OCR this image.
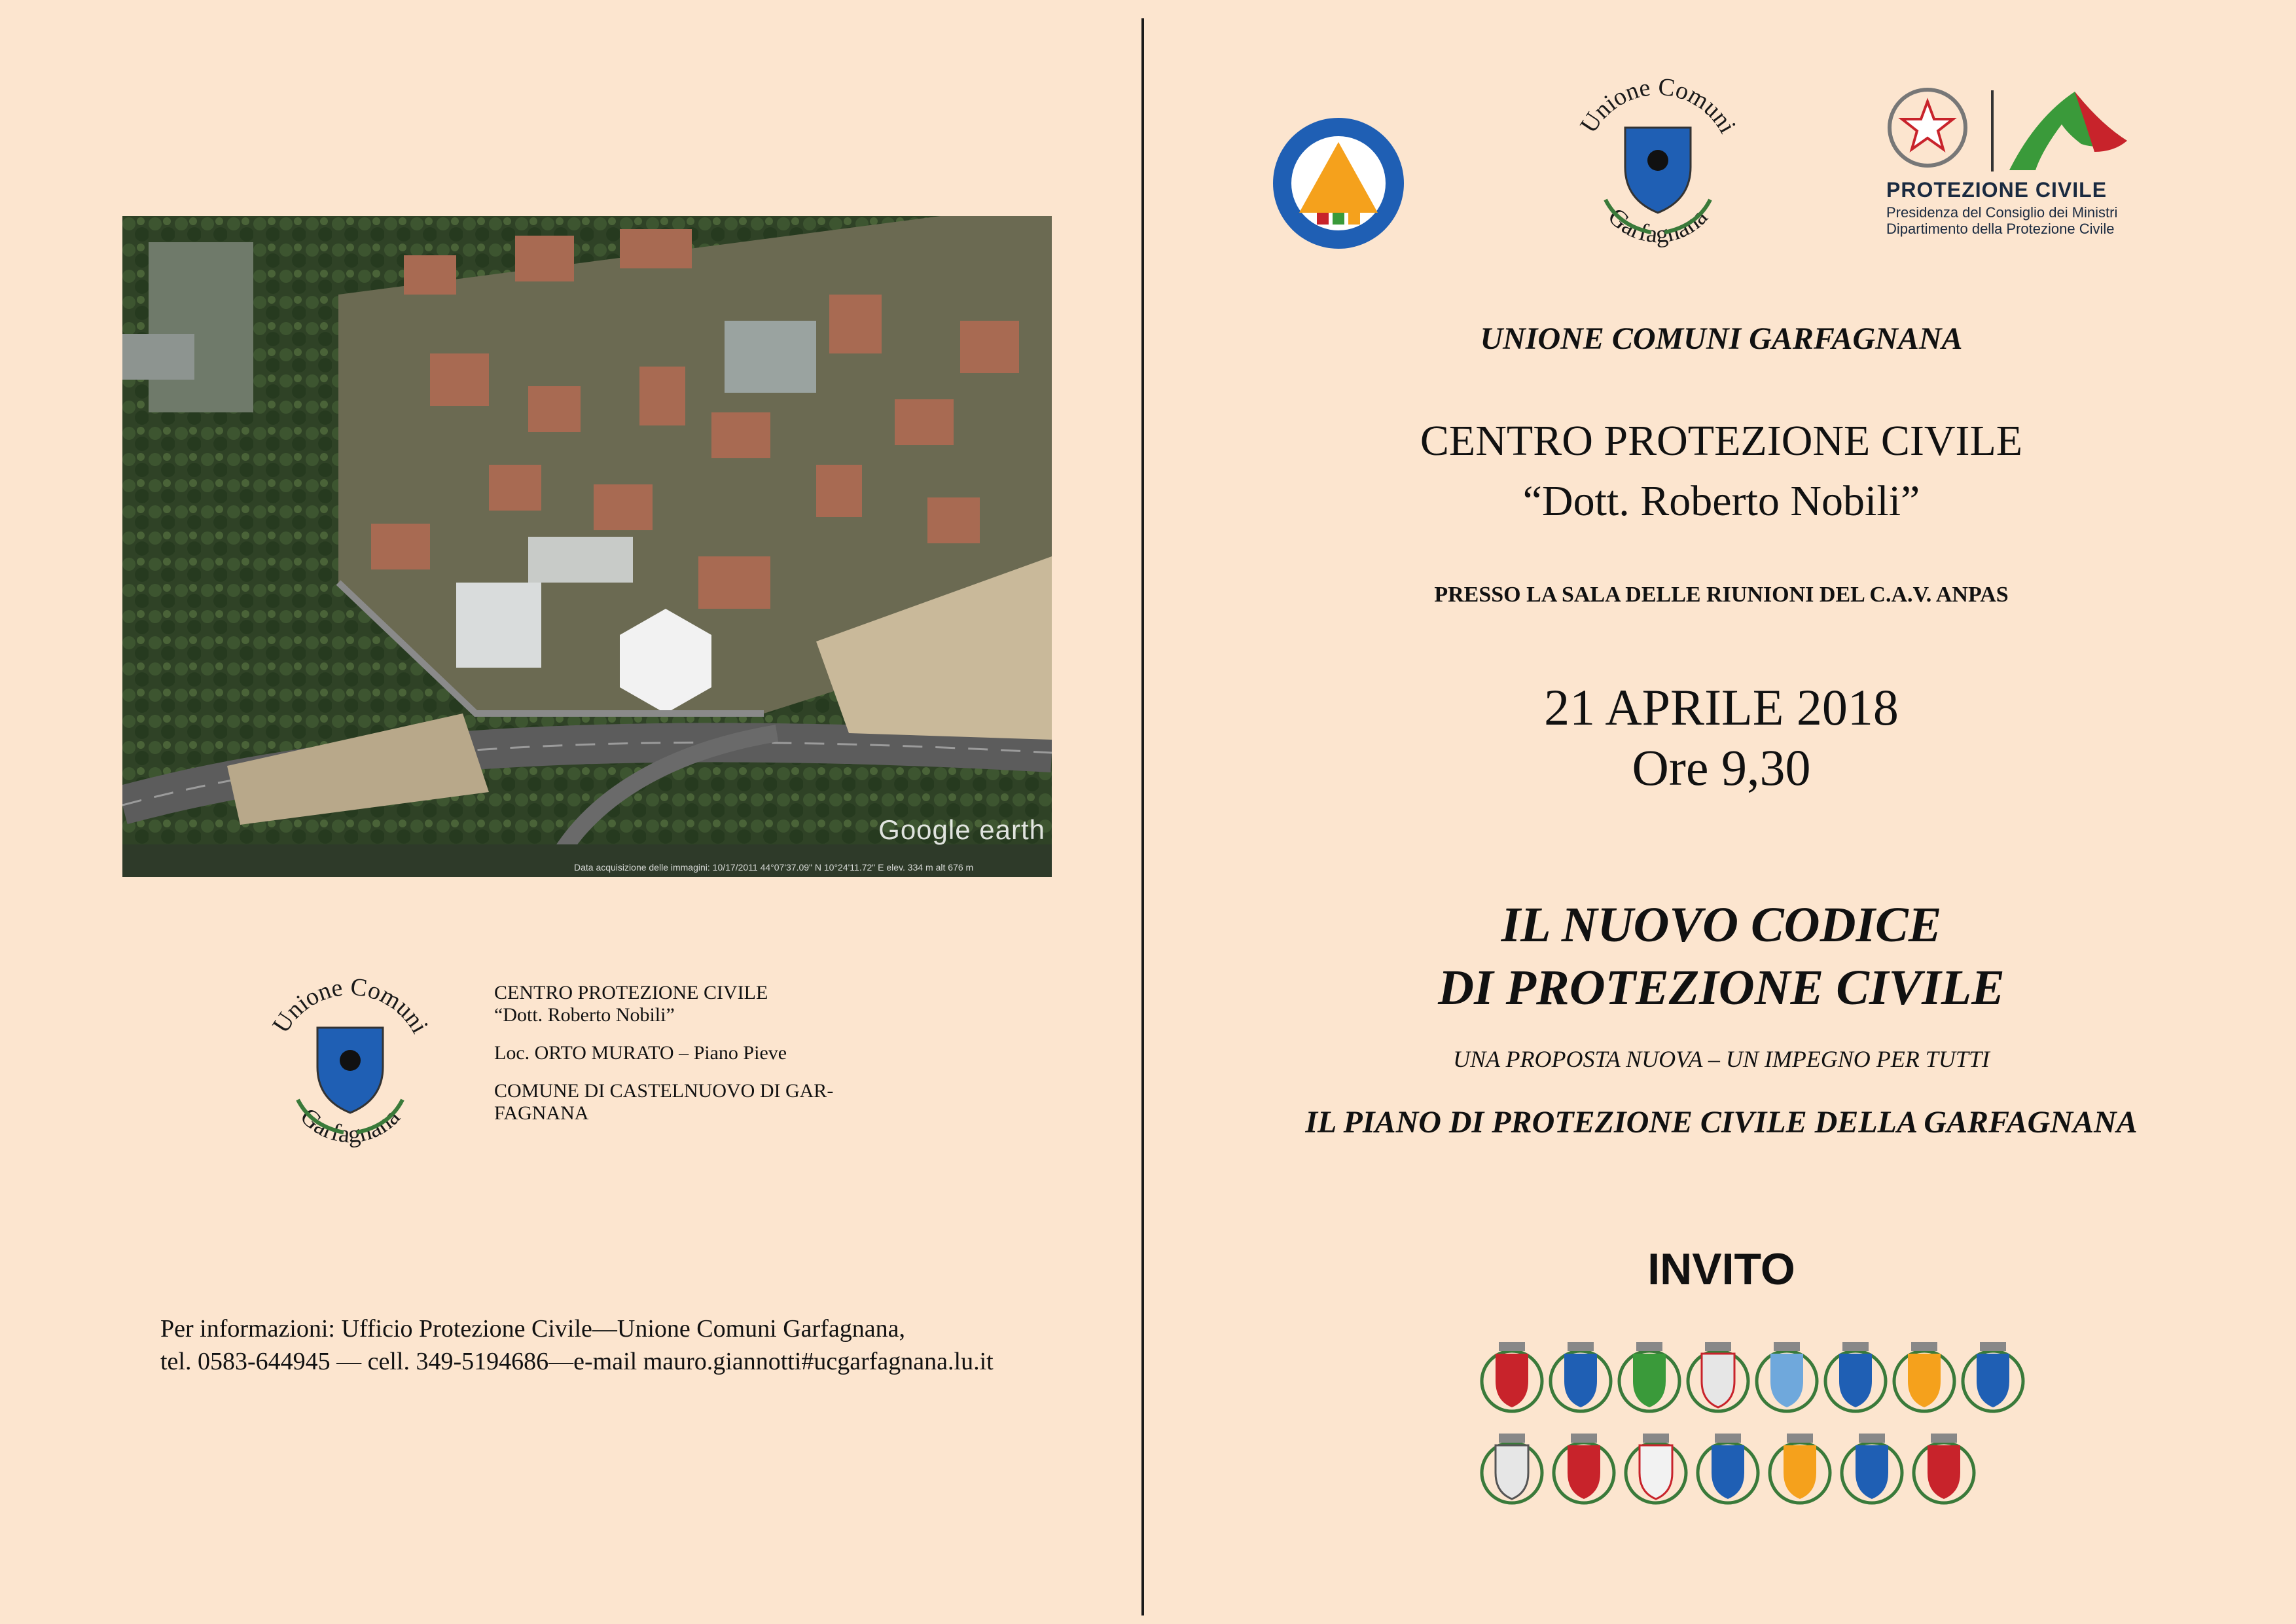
Google earth
Data acquisizione delle immagini: 10/17/2011 44°07'37.09" N 10°24'11.72" E elev. 334 m alt 676 m
Unione Comuni
Garfagnana

CENTRO PROTEZIONE CIVILE

“Dott. Roberto Nobili”

Loc. ORTO MURATO – Piano Pieve

COMUNE DI CASTELNUOVO DI GAR-

FAGNANA

Per informazioni: Ufficio Protezione Civile—Unione Comuni Garfagnana,
tel. 0583-644945 — cell. 349-5194686—e-mail mauro.giannotti#ucgarfagnana.lu.it
Unione Comuni
Garfagnana
PROTEZIONE CIVILE
Presidenza del Consiglio dei Ministri
Dipartimento della Protezione Civile
UNIONE COMUNI GARFAGNANA
CENTRO PROTEZIONE CIVILE
“Dott. Roberto Nobili”
PRESSO LA SALA DELLE RIUNIONI DEL C.A.V. ANPAS
21 APRILE 2018
Ore 9,30
IL NUOVO CODICE
DI PROTEZIONE CIVILE
UNA PROPOSTA NUOVA – UN IMPEGNO PER TUTTI
IL PIANO DI PROTEZIONE CIVILE DELLA GARFAGNANA
INVITO
